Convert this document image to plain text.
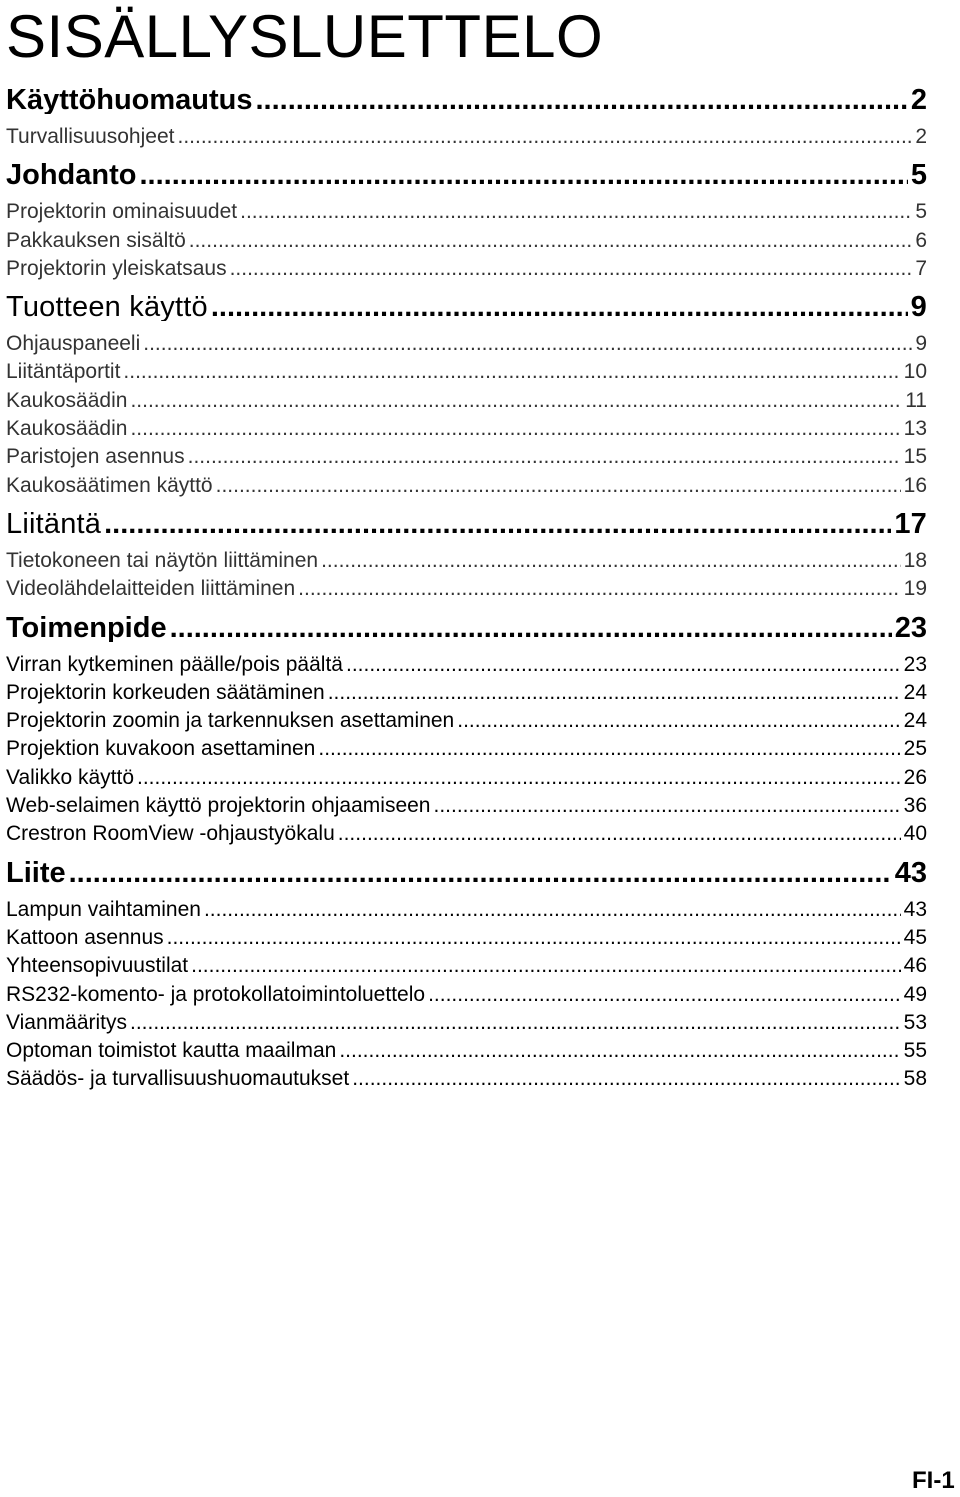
SISÄLLYSLUETTELO
Käyttöhuomautus .....	2
Turvallisuusohjeet .....	2
Johdanto .....	5
Projektorin ominaisuudet .....	5
Pakkauksen sisältö .....	6
Projektorin yleiskatsaus .....	7
Tuotteen käyttö .....	9
Ohjauspaneeli .....	9
Liitäntäportit .....	10
Kaukosäädin .....	11
Kaukosäädin .....	13
Paristojen asennus .....	15
Kaukosäätimen käyttö .....	16
Liitäntä .....	17
Tietokoneen tai näytön liittäminen .....	18
Videolähdelaitteiden liittäminen .....	19
Toimenpide .....	23
Virran kytkeminen päälle/pois päältä .....	23
Projektorin korkeuden säätäminen .....	24
Projektorin zoomin ja tarkennuksen asettaminen .....	24
Projektion kuvakoon asettaminen .....	25
Valikko käyttö .....	26
Web-selaimen käyttö projektorin ohjaamiseen .....	36
Crestron RoomView -ohjaustyökalu .....	40
Liite .....	43
Lampun vaihtaminen .....	43
Kattoon asennus .....	45
Yhteensopivuustilat .....	46
RS232-komento- ja protokollatoimintoluettelo .....	49
Vianmääritys .....	53
Optoman toimistot kautta maailman .....	55
Säädös- ja turvallisuushuomautukset .....	58
FI-1
